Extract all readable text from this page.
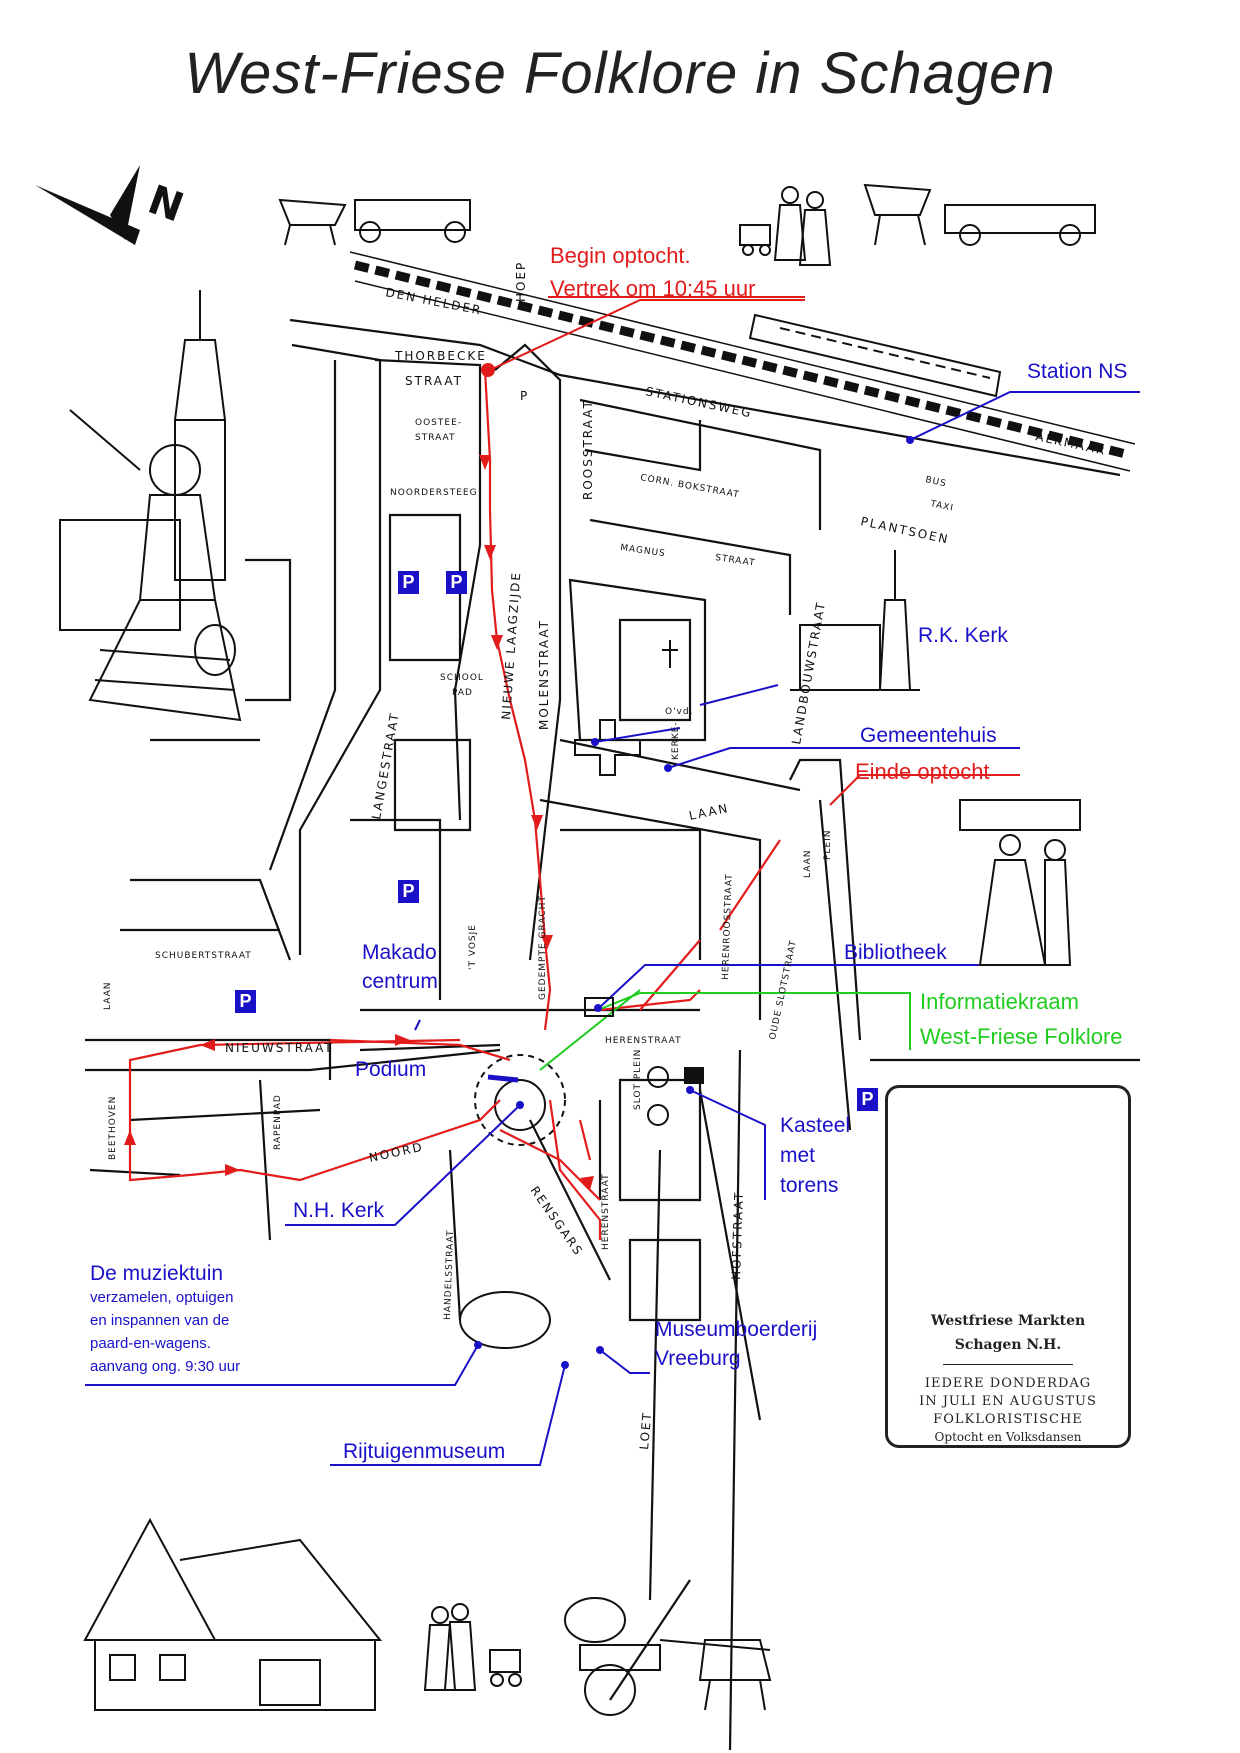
DEN HELDER	HOEP
THORBECKE
STRAAT
OOSTEE-
STRAAT
NOORDERSTEEG
STATIONSWEG
ALKMAAR
BUS
TAXI
PLANTSOEN
ROOSSTRAAT	CORN. BOKSTRAAT
MAGNUS
STRAAT
LANDBOUWSTRAAT
NIEUWE LAAGZIJDE MOLENSTRAAT
SCHOOL
PAD
O'vd.
KERKE-
LAAN
LAAN
PLEIN
LANGESTRAAT
GEDEMPTE GRACHT	HERENROOSSTRAAT
OUDE SLOTSTRAAT
'T VOSJE
SCHUBERTSTRAAT
LAAN
NIEUWSTRAAT	HERENSTRAAT
SLOT PLEIN
BEETHOVEN	RAPENPAD
NOORD
HANDELSSTRAAT
RENSGARS HERENSTRAAT	HOFSTRAAT
LOET
P
N
West-Friese Folklore in Schagen
P P
P
P
P
Begin optocht.
Vertrek om 10:45 uur
Station NS
R.K. Kerk
Gemeentehuis
Einde optocht
Makado
centrum
Bibliotheek
Informatiekraam
West-Friese Folklore
Podium
Kasteel
met
torens
N.H. Kerk
De muziektuin
verzamelen, optuigen
en inspannen van de
paard-en-wagens.
aanvang ong. 9:30 uur
Museumboerderij
Vreeburg
Rijtuigenmuseum
Westfriese Markten
Schagen N.H.
IEDERE DONDERDAG
IN JULI EN AUGUSTUS
FOLKLORISTISCHE
Optocht en Volksdansen
